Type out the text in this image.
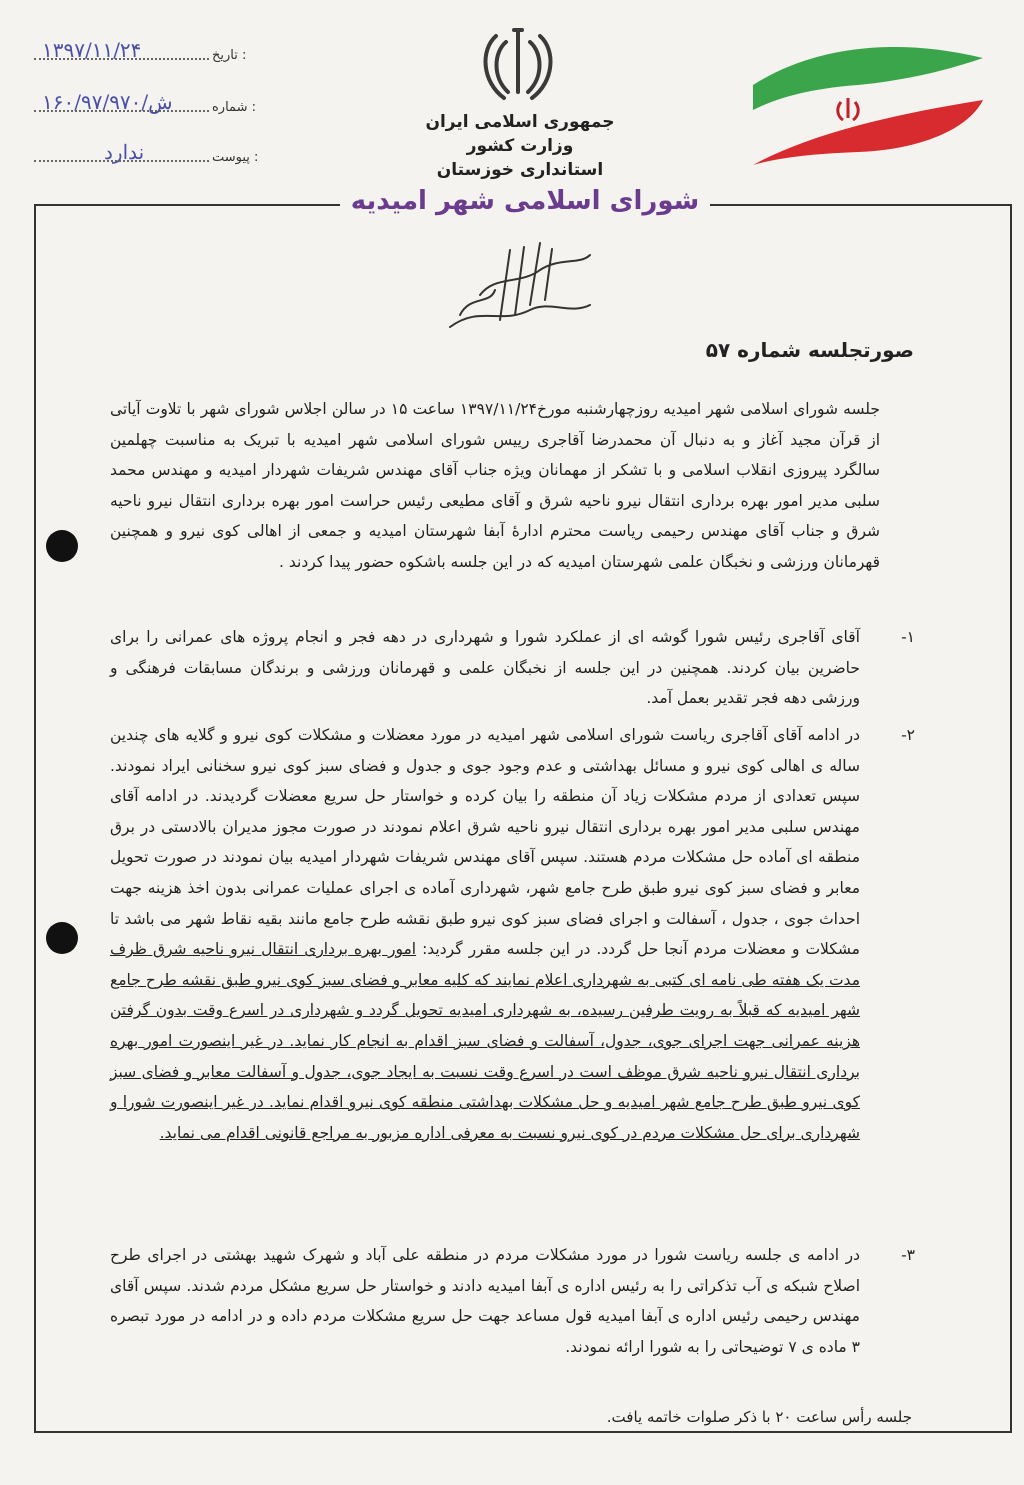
۱۳۹۷/۱۱/۲۴	تاریخ :
۱۶۰/ش/۹۷/۹۷۰	شماره :
ندارد	پیوست :
جمهوری اسلامی ایران
وزارت کشور
استانداری خوزستان
شورای اسلامی شهر امیدیه
صورتجلسه شماره ۵۷
جلسه شورای اسلامی شهر امیدیه روزچهارشنبه مورخ۱۳۹۷/۱۱/۲۴ ساعت ۱۵ در سالن اجلاس شورای شهر با تلاوت آیاتی از قرآن مجید آغاز و به دنبال آن محمدرضا آقاجری رییس شورای اسلامی شهر امیدیه با تبریک به مناسبت چهلمین سالگرد پیروزی انقلاب اسلامی و با تشکر از مهمانان ویژه جناب آقای مهندس شریفات شهردار امیدیه و مهندس محمد سلبی مدیر امور بهره برداری انتقال نیرو ناحیه شرق و آقای مطیعی رئیس حراست امور بهره برداری انتقال نیرو ناحیه شرق و جناب آقای مهندس رحیمی ریاست محترم ادارهٔ آبفا شهرستان امیدیه و جمعی از اهالی کوی نیرو و همچنین قهرمانان ورزشی و نخبگان علمی شهرستان امیدیه که در این جلسه باشکوه حضور پیدا کردند .
۱-
آقای آقاجری رئیس شورا گوشه ای از عملکرد شورا و شهرداری در دهه فجر و انجام پروژه های عمرانی را برای حاضرین بیان کردند. همچنین در این جلسه از نخبگان علمی و قهرمانان ورزشی و برندگان مسابقات فرهنگی و ورزشی دهه فجر تقدیر بعمل آمد.
۲-
در ادامه آقای آقاجری ریاست شورای اسلامی شهر امیدیه در مورد معضلات و مشکلات کوی نیرو و گلایه های چندین ساله ی اهالی کوی نیرو و مسائل بهداشتی و عدم وجود جوی و جدول و فضای سبز کوی نیرو سخنانی ایراد نمودند. سپس تعدادی از مردم مشکلات زیاد آن منطقه را بیان کرده و خواستار حل سریع معضلات گردیدند. در ادامه آقای مهندس سلبی مدیر امور بهره برداری انتقال نیرو ناحیه شرق اعلام نمودند در صورت مجوز مدیران بالادستی در برق منطقه ای آماده حل مشکلات مردم هستند. سپس آقای مهندس شریفات شهردار امیدیه بیان نمودند در صورت تحویل معابر و فضای سبز کوی نیرو طبق طرح جامع شهر، شهرداری آماده ی اجرای عملیات عمرانی بدون اخذ هزینه جهت احداث جوی ، جدول ، آسفالت و اجرای فضای سبز کوی نیرو طبق نقشه طرح جامع مانند بقیه نقاط شهر می باشد تا مشکلات و معضلات مردم آنجا حل گردد. در این جلسه مقرر گردید: امور بهره برداری انتقال نیرو ناحیه شرق ظرف مدت یک هفته طی نامه ای کتبی به شهرداری اعلام نمایند که کلیه معابر و فضای سبز کوی نیرو طبق نقشه طرح جامع شهر امیدیه که قبلاً به رویت طرفین رسیده، به شهرداری امیدیه تحویل گردد و شهرداری در اسرع وقت بدون گرفتن هزینه عمرانی جهت اجرای جوی، جدول، آسفالت و فضای سبز اقدام به انجام کار نماید. در غیر اینصورت امور بهره برداری انتقال نیرو ناحیه شرق موظف است در اسرع وقت نسبت به ایجاد جوی، جدول و آسفالت معابر و فضای سبز کوی نیرو طبق طرح جامع شهر امیدیه و حل مشکلات بهداشتی منطقه کوی نیرو اقدام نماید. در غیر اینصورت شورا و شهرداری برای حل مشکلات مردم در کوی نیرو نسبت به معرفی اداره مزبور به مراجع قانونی اقدام می نماید.
۳-
در ادامه ی جلسه ریاست شورا در مورد مشکلات مردم در منطقه علی آباد و شهرک شهید بهشتی در اجرای طرح اصلاح شبکه ی آب تذکراتی را به رئیس اداره ی آبفا امیدیه دادند و خواستار حل سریع مشکل مردم شدند. سپس آقای مهندس رحیمی رئیس اداره ی آبفا امیدیه قول مساعد جهت حل سریع مشکلات مردم داده و در ادامه در مورد تبصره ۳ ماده ی ۷ توضیحاتی را به شورا ارائه نمودند.
جلسه رأس ساعت ۲۰ با ذکر صلوات خاتمه یافت.
